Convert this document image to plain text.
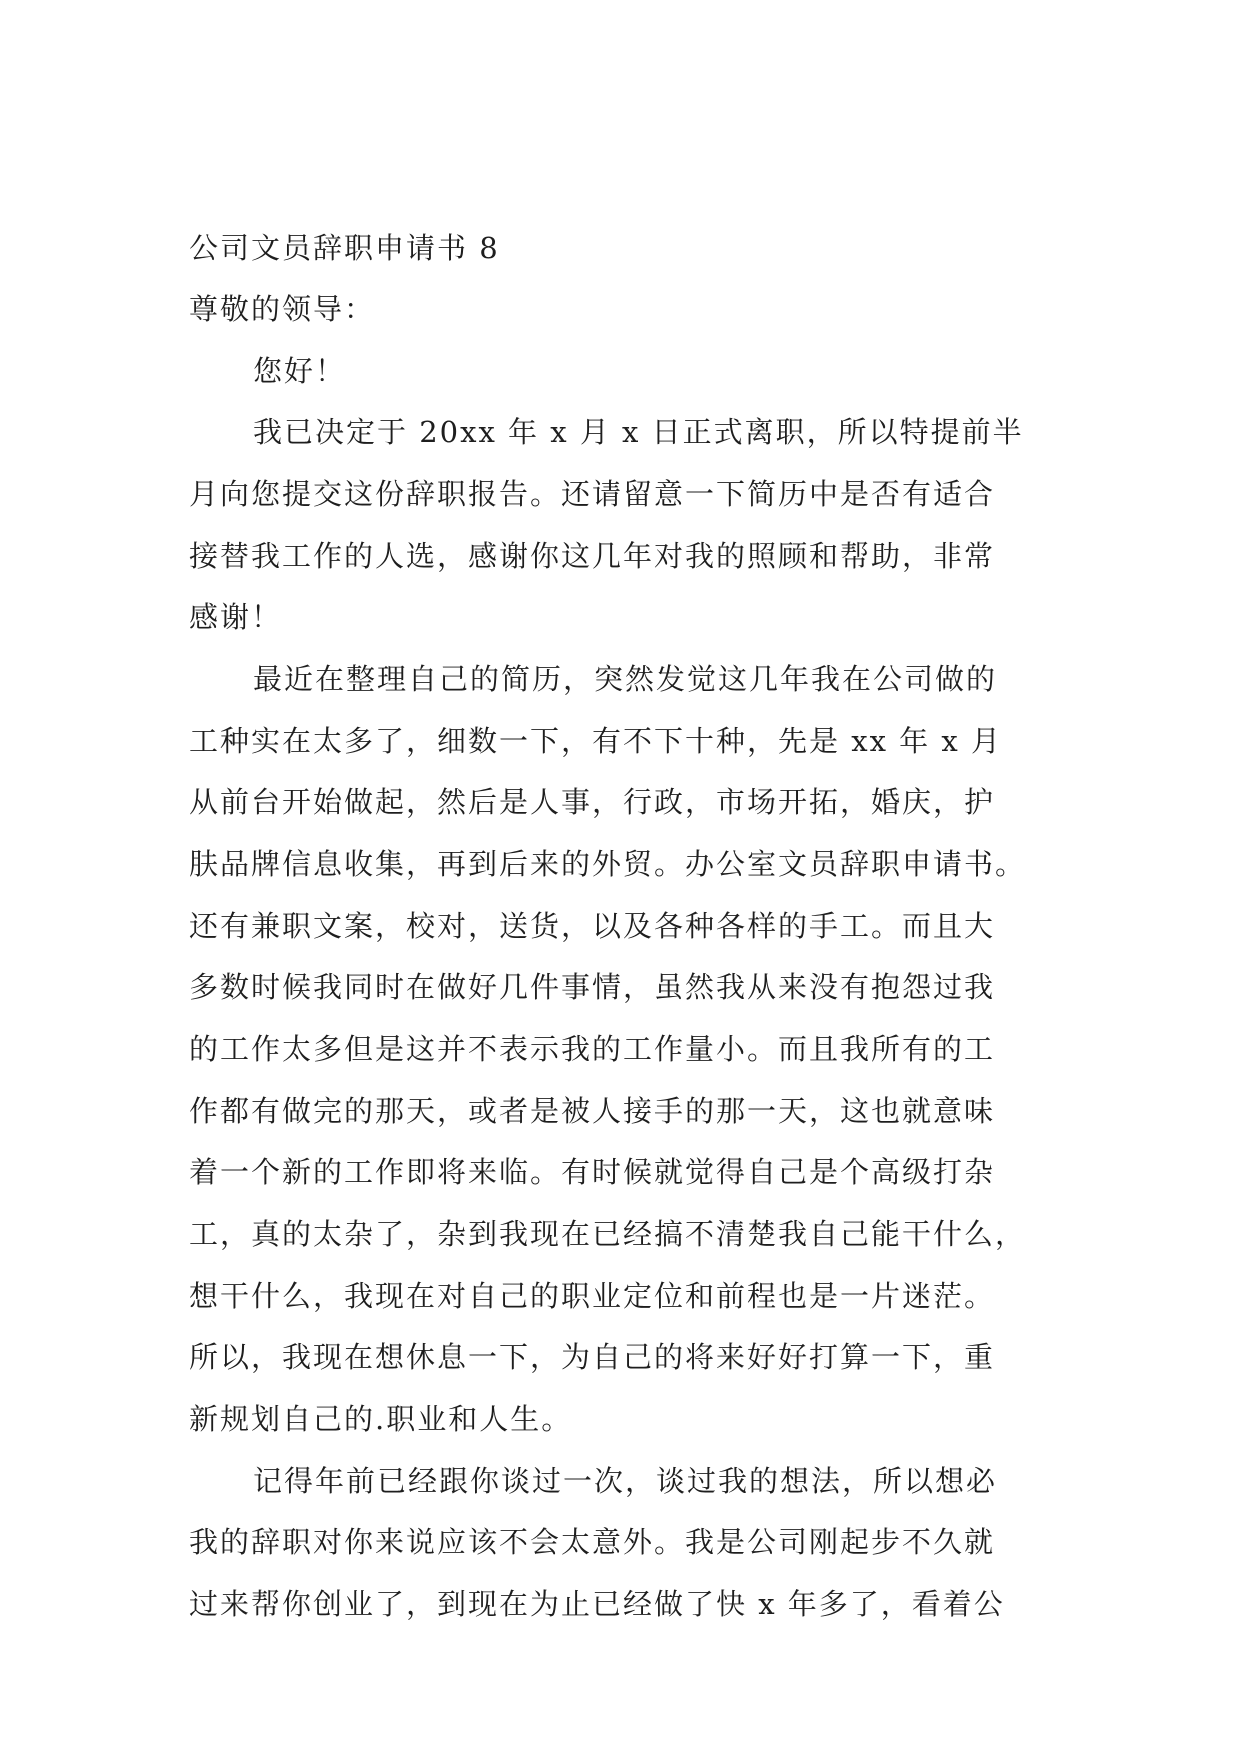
公司文员辞职申请书 8
尊敬的领导：
您好！
我已决定于 20xx 年 x 月 x 日正式离职，所以特提前半
月向您提交这份辞职报告。还请留意一下简历中是否有适合
接替我工作的人选，感谢你这几年对我的照顾和帮助，非常
感谢！
最近在整理自己的简历，突然发觉这几年我在公司做的
工种实在太多了，细数一下，有不下十种，先是 xx 年 x 月
从前台开始做起，然后是人事，行政，市场开拓，婚庆，护
肤品牌信息收集，再到后来的外贸。办公室文员辞职申请书。
还有兼职文案，校对，送货，以及各种各样的手工。而且大
多数时候我同时在做好几件事情，虽然我从来没有抱怨过我
的工作太多但是这并不表示我的工作量小。而且我所有的工
作都有做完的那天，或者是被人接手的那一天，这也就意味
着一个新的工作即将来临。有时候就觉得自己是个高级打杂
工，真的太杂了，杂到我现在已经搞不清楚我自己能干什么，
想干什么，我现在对自己的职业定位和前程也是一片迷茫。
所以，我现在想休息一下，为自己的将来好好打算一下，重
新规划自己的.职业和人生。
记得年前已经跟你谈过一次，谈过我的想法，所以想必
我的辞职对你来说应该不会太意外。我是公司刚起步不久就
过来帮你创业了，到现在为止已经做了快 x 年多了，看着公
